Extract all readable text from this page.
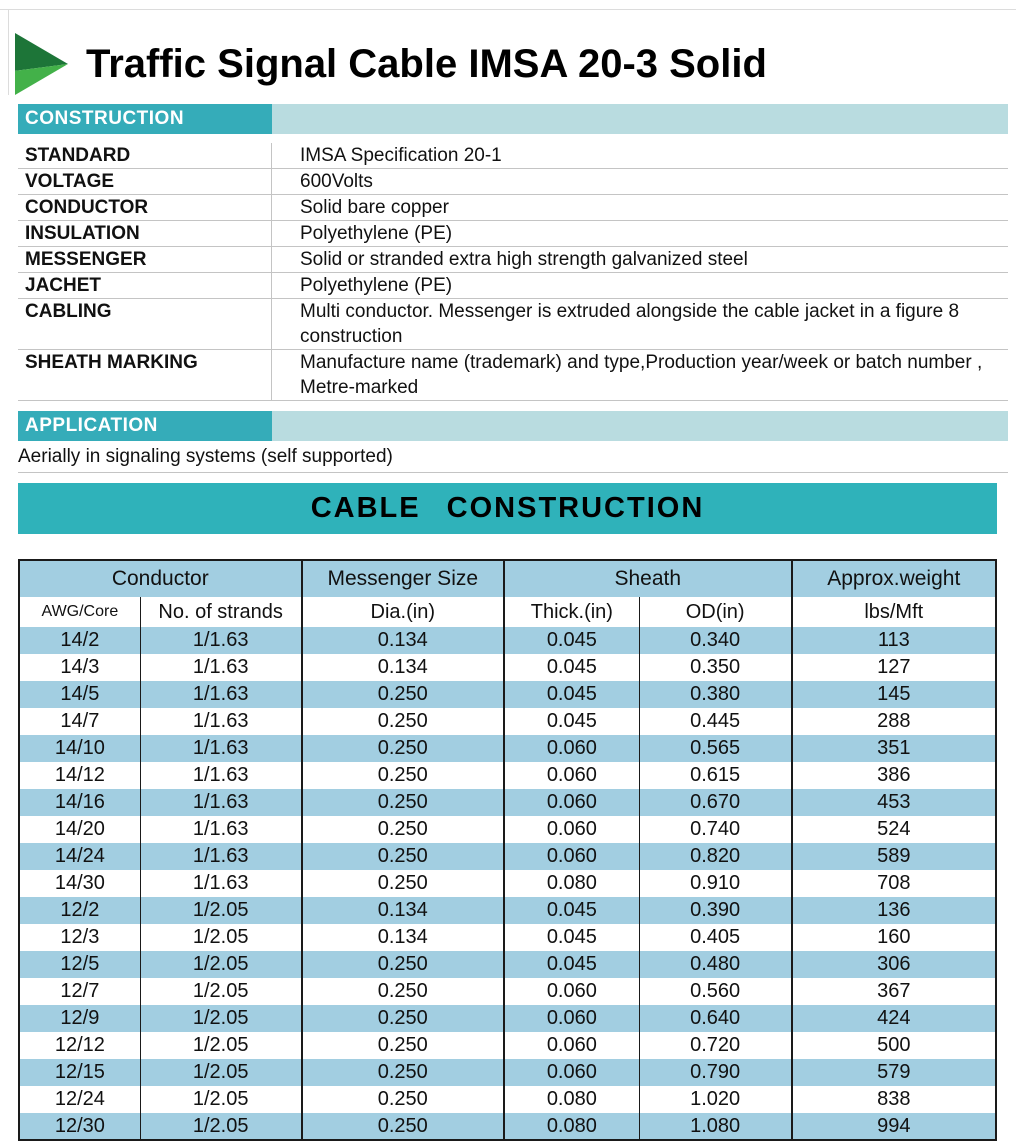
Traffic Signal Cable IMSA 20-3 Solid
CONSTRUCTION
STANDARD	IMSA Specification 20-1
VOLTAGE	600Volts
CONDUCTOR	Solid bare copper
INSULATION	Polyethylene (PE)
MESSENGER	Solid or stranded extra high strength galvanized steel
JACHET	Polyethylene (PE)
CABLING	Multi conductor. Messenger is extruded alongside the cable jacket in a figure 8 construction
SHEATH MARKING	Manufacture name (trademark) and type,Production year/week or batch number , Metre-marked
APPLICATION
Aerially in signaling systems (self supported)
CABLE CONSTRUCTION
Conductor		Messenger Size	Sheath		Approx.weight
AWG/Core	No. of strands	Dia.(in)	Thick.(in)	OD(in)	lbs/Mft
14/2	1/1.63	0.134	0.045	0.340	113
14/3	1/1.63	0.134	0.045	0.350	127
14/5	1/1.63	0.250	0.045	0.380	145
14/7	1/1.63	0.250	0.045	0.445	288
14/10	1/1.63	0.250	0.060	0.565	351
14/12	1/1.63	0.250	0.060	0.615	386
14/16	1/1.63	0.250	0.060	0.670	453
14/20	1/1.63	0.250	0.060	0.740	524
14/24	1/1.63	0.250	0.060	0.820	589
14/30	1/1.63	0.250	0.080	0.910	708
12/2	1/2.05	0.134	0.045	0.390	136
12/3	1/2.05	0.134	0.045	0.405	160
12/5	1/2.05	0.250	0.045	0.480	306
12/7	1/2.05	0.250	0.060	0.560	367
12/9	1/2.05	0.250	0.060	0.640	424
12/12	1/2.05	0.250	0.060	0.720	500
12/15	1/2.05	0.250	0.060	0.790	579
12/24	1/2.05	0.250	0.080	1.020	838
12/30	1/2.05	0.250	0.080	1.080	994
